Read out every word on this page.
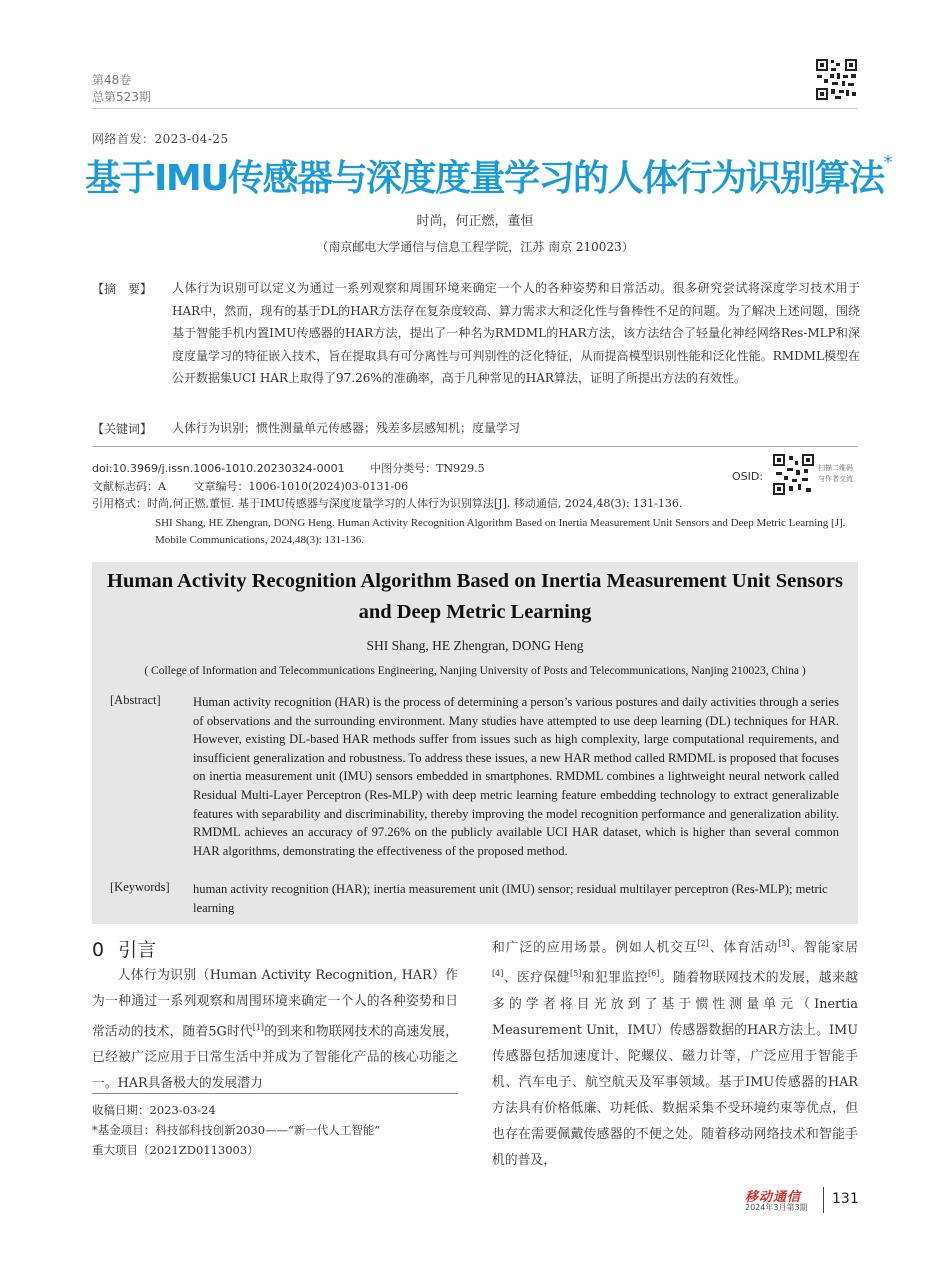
第48卷
总第523期
网络首发：2023-04-25
基于IMU传感器与深度度量学习的人体行为识别算法*
时尚，何正燃，董恒
（南京邮电大学通信与信息工程学院，江苏 南京 210023）
【摘　要】 人体行为识别可以定义为通过一系列观察和周围环境来确定一个人的各种姿势和日常活动。很多研究尝试将深度学习技术用于HAR中，然而，现有的基于DL的HAR方法存在复杂度较高、算力需求大和泛化性与鲁棒性不足的问题。为了解决上述问题，围绕基于智能手机内置IMU传感器的HAR方法，提出了一种名为RMDML的HAR方法，该方法结合了轻量化神经网络Res-MLP和深度度量学习的特征嵌入技术，旨在提取具有可分离性与可判别性的泛化特征，从而提高模型识别性能和泛化性能。RMDML模型在公开数据集UCI HAR上取得了97.26%的准确率，高于几种常见的HAR算法，证明了所提出方法的有效性。
【关键词】 人体行为识别；惯性测量单元传感器；残差多层感知机；度量学习
doi:10.3969/j.issn.1006-1010.20230324-0001 中图分类号：TN929.5
文献标志码：A	文章编号：1006-1010(2024)03-0131-06
引用格式：时尚,何正燃,董恒. 基于IMU传感器与深度度量学习的人体行为识别算法[J]. 移动通信, 2024,48(3): 131-136.
OSID:
扫描二维码
与作者交流
SHI Shang, HE Zhengran, DONG Heng. Human Activity Recognition Algorithm Based on Inertia Measurement Unit Sensors and Deep Metric Learning [J]. Mobile Communications, 2024,48(3): 131-136.
Human Activity Recognition Algorithm Based on Inertia Measurement Unit Sensors and Deep Metric Learning
SHI Shang, HE Zhengran, DONG Heng
( College of Information and Telecommunications Engineering, Nanjing University of Posts and Telecommunications, Nanjing 210023, China )
[Abstract]	Human activity recognition (HAR) is the process of determining a person’s various postures and daily activities through a series of observations and the surrounding environment. Many studies have attempted to use deep learning (DL) techniques for HAR. However, existing DL-based HAR methods suffer from issues such as high complexity, large computational requirements, and insufficient generalization and robustness. To address these issues, a new HAR method called RMDML is proposed that focuses on inertia measurement unit (IMU) sensors embedded in smartphones. RMDML combines a lightweight neural network called Residual Multi-Layer Perceptron (Res-MLP) with deep metric learning feature embedding technology to extract generalizable features with separability and discriminability, thereby improving the model recognition performance and generalization ability. RMDML achieves an accuracy of 97.26% on the publicly available UCI HAR dataset, which is higher than several common HAR algorithms, demonstrating the effectiveness of the proposed method.
[Keywords] human activity recognition (HAR); inertia measurement unit (IMU) sensor; residual multilayer perceptron (Res-MLP); metric learning
0 引言

人体行为识别（Human Activity Recognition, HAR）作为一种通过一系列观察和周围环境来确定一个人的各种姿势和日常活动的技术，随着5G时代[1]的到来和物联网技术的高速发展，已经被广泛应用于日常生活中并成为了智能化产品的核心功能之一。HAR具备极大的发展潜力

和广泛的应用场景。例如人机交互[2]、体育活动[3]、智能家居[4]、医疗保健[5]和犯罪监控[6]。随着物联网技术的发展，越来越多的学者将目光放到了基于惯性测量单元（Inertia Measurement Unit，IMU）传感器数据的HAR方法上。IMU传感器包括加速度计、陀螺仪、磁力计等，广泛应用于智能手机、汽车电子、航空航天及军事领域。基于IMU传感器的HAR方法具有价格低廉、功耗低、数据采集不受环境约束等优点，但也存在需要佩戴传感器的不便之处。随着移动网络技术和智能手机的普及，

收稿日期：2023-03-24
*基金项目：科技部科技创新2030——“新一代人工智能”
重大项目（2021ZD0113003）
移动通信
2024年3月第3期
131
